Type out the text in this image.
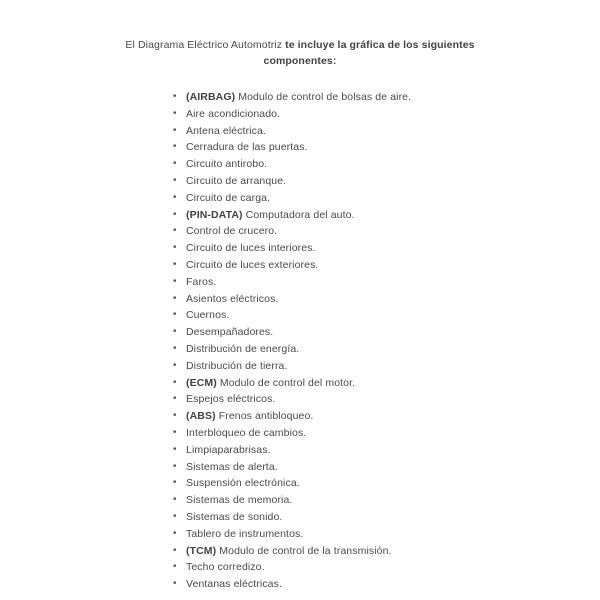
El Diagrama Eléctrico Automotriz te incluye la gráfica de los siguientes
componentes:
• (AIRBAG) Modulo de control de bolsas de aire.
• Aire acondicionado.
• Antena eléctrica.
• Cerradura de las puertas.
• Circuito antirobo.
• Circuito de arranque.
• Circuito de carga.
• (PIN-DATA) Computadora del auto.
• Control de crucero.
• Circuito de luces interiores.
• Circuito de luces exteriores.
• Faros.
• Asientos eléctricos.
• Cuernos.
• Desempañadores.
• Distribución de energía.
• Distribución de tierra.
• (ECM) Modulo de control del motor.
• Espejos eléctricos.
• (ABS) Frenos antibloqueo.
• Interbloqueo de cambios.
• Limpiaparabrisas.
• Sistemas de alerta.
• Suspensión electrónica.
• Sistemas de memoria.
• Sistemas de sonido.
• Tablero de instrumentos.
• (TCM) Modulo de control de la transmisión.
• Techo corredizo.
• Ventanas eléctricas.
